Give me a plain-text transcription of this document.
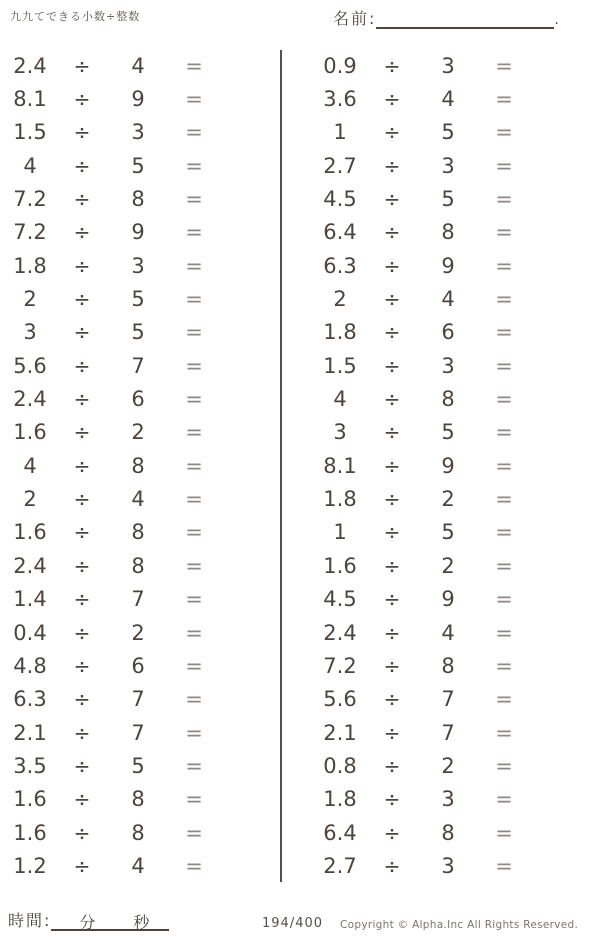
九九てできる小数÷整数	名前:	.
2.4	÷	4	=
8.1	÷	9	=
1.5	÷	3	=
4	÷	5	=
7.2	÷	8	=
7.2	÷	9	=
1.8	÷	3	=
2	÷	5	=
3	÷	5	=
5.6	÷	7	=
2.4	÷	6	=
1.6	÷	2	=
4	÷	8	=
2	÷	4	=
1.6	÷	8	=
2.4	÷	8	=
1.4	÷	7	=
0.4	÷	2	=
4.8	÷	6	=
6.3	÷	7	=
2.1	÷	7	=
3.5	÷	5	=
1.6	÷	8	=
1.6	÷	8	=
1.2	÷	4	=
0.9	÷	3	=
3.6	÷	4	=
1	÷	5	=
2.7	÷	3	=
4.5	÷	5	=
6.4	÷	8	=
6.3	÷	9	=
2	÷	4	=
1.8	÷	6	=
1.5	÷	3	=
4	÷	8	=
3	÷	5	=
8.1	÷	9	=
1.8	÷	2	=
1	÷	5	=
1.6	÷	2	=
4.5	÷	9	=
2.4	÷	4	=
7.2	÷	8	=
5.6	÷	7	=
2.1	÷	7	=
0.8	÷	2	=
1.8	÷	3	=
6.4	÷	8	=
2.7	÷	3	=
時間: 分 秒	194/400 Copyright © Alpha.Inc All Rights Reserved.
